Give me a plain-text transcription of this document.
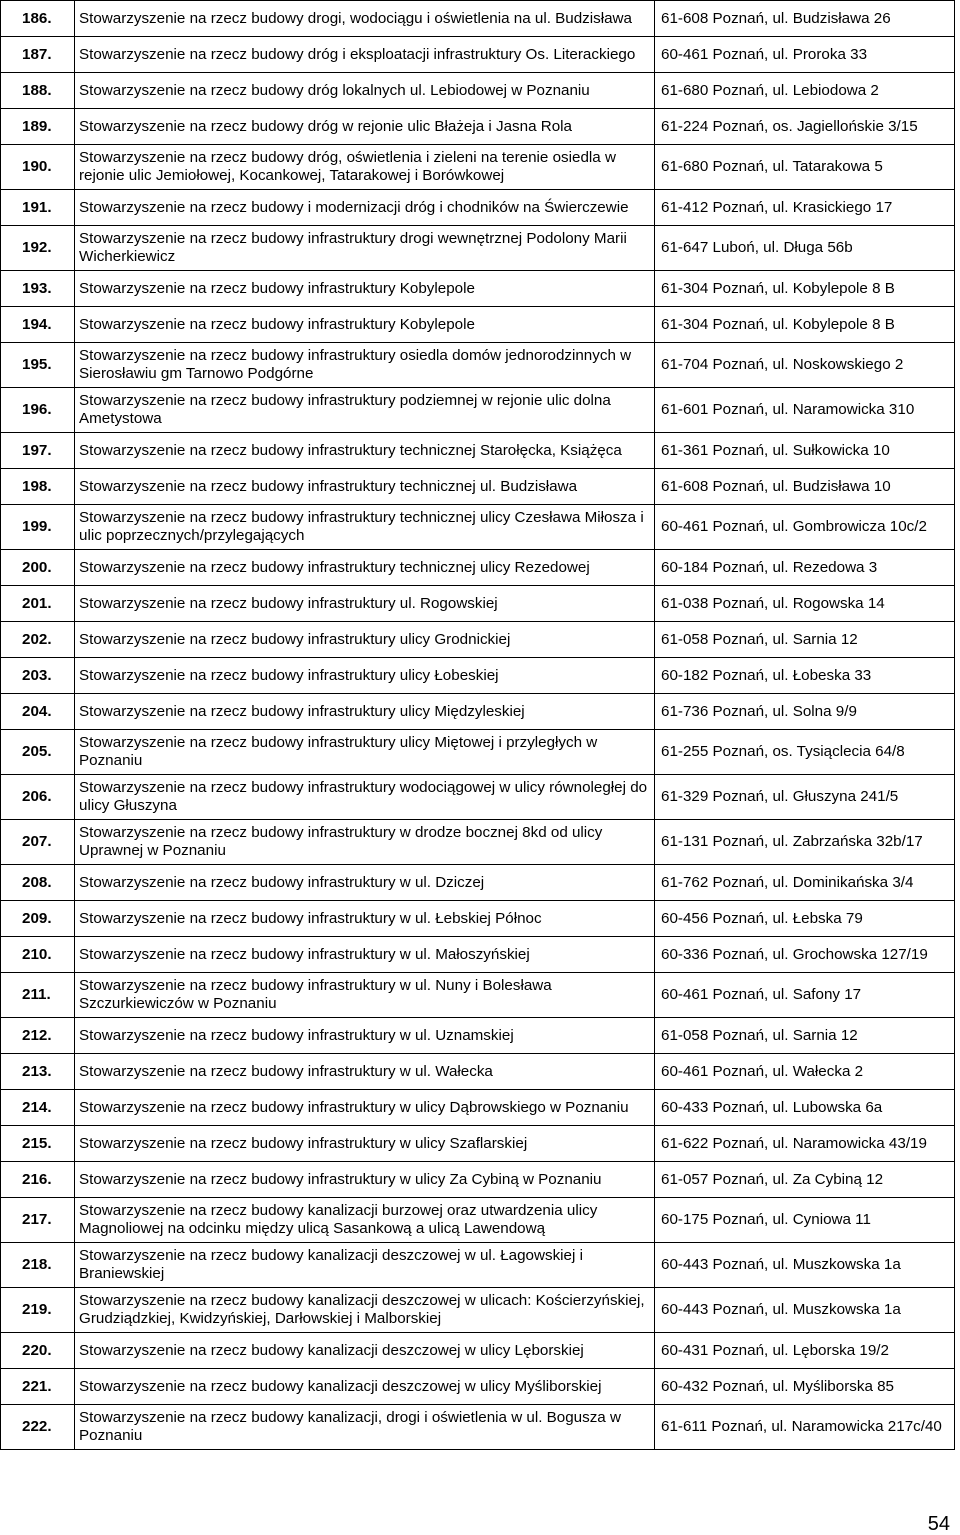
186.	Stowarzyszenie na rzecz budowy drogi, wodociągu i oświetlenia na ul. Budzisława	61-608 Poznań, ul. Budzisława 26
187.	Stowarzyszenie na rzecz budowy dróg i eksploatacji infrastruktury Os. Literackiego	60-461 Poznań, ul. Proroka 33
188.	Stowarzyszenie na rzecz budowy dróg lokalnych ul. Lebiodowej w Poznaniu	61-680 Poznań, ul. Lebiodowa 2
189.	Stowarzyszenie na rzecz budowy dróg w rejonie ulic Błażeja i Jasna Rola	61-224 Poznań, os. Jagiellońskie 3/15
190.	Stowarzyszenie na rzecz budowy dróg, oświetlenia i zieleni na terenie osiedla w rejonie ulic Jemiołowej, Kocankowej, Tatarakowej i Borówkowej	61-680 Poznań, ul. Tatarakowa 5
191.	Stowarzyszenie na rzecz budowy i modernizacji dróg i chodników na Świerczewie	61-412 Poznań, ul. Krasickiego 17
192.	Stowarzyszenie na rzecz budowy infrastruktury drogi wewnętrznej Podolony Marii Wicherkiewicz	61-647 Luboń, ul. Długa 56b
193.	Stowarzyszenie na rzecz budowy infrastruktury Kobylepole	61-304 Poznań, ul. Kobylepole 8 B
194.	Stowarzyszenie na rzecz budowy infrastruktury Kobylepole	61-304 Poznań, ul. Kobylepole 8 B
195.	Stowarzyszenie na rzecz budowy infrastruktury osiedla domów jednorodzinnych w Sierosławiu gm Tarnowo Podgórne	61-704 Poznań, ul. Noskowskiego 2
196.	Stowarzyszenie na rzecz budowy infrastruktury podziemnej w rejonie ulic dolna Ametystowa	61-601 Poznań, ul. Naramowicka 310
197.	Stowarzyszenie na rzecz budowy infrastruktury technicznej Starołęcka, Książęca	61-361 Poznań, ul. Sułkowicka 10
198.	Stowarzyszenie na rzecz budowy infrastruktury technicznej ul. Budzisława	61-608 Poznań, ul. Budzisława 10
199.	Stowarzyszenie na rzecz budowy infrastruktury technicznej ulicy Czesława Miłosza i ulic poprzecznych/przylegających	60-461 Poznań, ul. Gombrowicza 10c/2
200.	Stowarzyszenie na rzecz budowy infrastruktury technicznej ulicy Rezedowej	60-184 Poznań, ul. Rezedowa 3
201.	Stowarzyszenie na rzecz budowy infrastruktury ul. Rogowskiej	61-038 Poznań, ul. Rogowska 14
202.	Stowarzyszenie na rzecz budowy infrastruktury ulicy Grodnickiej	61-058 Poznań, ul. Sarnia 12
203.	Stowarzyszenie na rzecz budowy infrastruktury ulicy Łobeskiej	60-182 Poznań, ul. Łobeska 33
204.	Stowarzyszenie na rzecz budowy infrastruktury ulicy Międzyleskiej	61-736 Poznań, ul. Solna 9/9
205.	Stowarzyszenie na rzecz budowy infrastruktury ulicy Miętowej i przyległych w Poznaniu	61-255 Poznań, os. Tysiąclecia 64/8
206.	Stowarzyszenie na rzecz budowy infrastruktury wodociągowej w ulicy równoległej do ulicy Głuszyna	61-329 Poznań, ul. Głuszyna 241/5
207.	Stowarzyszenie na rzecz budowy infrastruktury w drodze bocznej 8kd od ulicy Uprawnej w Poznaniu	61-131 Poznań, ul. Zabrzańska 32b/17
208.	Stowarzyszenie na rzecz budowy infrastruktury w ul. Dziczej	61-762 Poznań, ul. Dominikańska 3/4
209.	Stowarzyszenie na rzecz budowy infrastruktury w ul. Łebskiej Północ	60-456 Poznań, ul. Łebska 79
210.	Stowarzyszenie na rzecz budowy infrastruktury w ul. Małoszyńskiej	60-336 Poznań, ul. Grochowska 127/19
211.	Stowarzyszenie na rzecz budowy infrastruktury w ul. Nuny i Bolesława Szczurkiewiczów w Poznaniu	60-461 Poznań, ul. Safony 17
212.	Stowarzyszenie na rzecz budowy infrastruktury w ul. Uznamskiej	61-058 Poznań, ul. Sarnia 12
213.	Stowarzyszenie na rzecz budowy infrastruktury w ul. Wałecka	60-461 Poznań, ul. Wałecka 2
214.	Stowarzyszenie na rzecz budowy infrastruktury w ulicy Dąbrowskiego w Poznaniu	60-433 Poznań, ul. Lubowska 6a
215.	Stowarzyszenie na rzecz budowy infrastruktury w ulicy Szaflarskiej	61-622 Poznań, ul. Naramowicka 43/19
216.	Stowarzyszenie na rzecz budowy infrastruktury w ulicy Za Cybiną w Poznaniu	61-057 Poznań, ul. Za Cybiną 12
217.	Stowarzyszenie na rzecz budowy kanalizacji burzowej oraz utwardzenia ulicy Magnoliowej na odcinku między ulicą Sasankową a ulicą Lawendową	60-175 Poznań, ul. Cyniowa 11
218.	Stowarzyszenie na rzecz budowy kanalizacji deszczowej w ul. Łagowskiej i Braniewskiej	60-443 Poznań, ul. Muszkowska 1a
219.	Stowarzyszenie na rzecz budowy kanalizacji deszczowej w ulicach: Kościerzyńskiej, Grudziądzkiej, Kwidzyńskiej, Darłowskiej i Malborskiej	60-443 Poznań, ul. Muszkowska 1a
220.	Stowarzyszenie na rzecz budowy kanalizacji deszczowej w ulicy Lęborskiej	60-431 Poznań, ul. Lęborska 19/2
221.	Stowarzyszenie na rzecz budowy kanalizacji deszczowej w ulicy Myśliborskiej	60-432 Poznań, ul. Myśliborska 85
222.	Stowarzyszenie na rzecz budowy kanalizacji, drogi i oświetlenia w ul. Bogusza w Poznaniu	61-611 Poznań, ul. Naramowicka 217c/40
54
